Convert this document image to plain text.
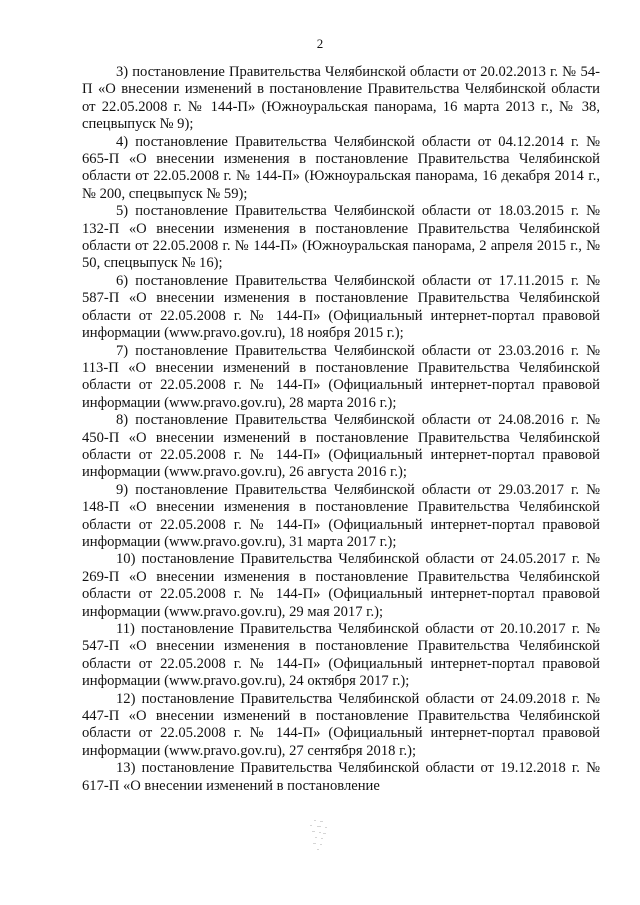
2

3) постановление Правительства Челябинской области от 20.02.2013 г. № 54-П «О внесении изменений в постановление Правительства Челябинской области от 22.05.2008 г. № 144-П» (Южноуральская панорама, 16 марта 2013 г., № 38, спецвыпуск № 9);

4) постановление Правительства Челябинской области от 04.12.2014 г. № 665-П «О внесении изменения в постановление Правительства Челябинской области от 22.05.2008 г. № 144-П» (Южноуральская панорама, 16 декабря 2014 г., № 200, спецвыпуск № 59);

5) постановление Правительства Челябинской области от 18.03.2015 г. № 132-П «О внесении изменения в постановление Правительства Челябинской области от 22.05.2008 г. № 144-П» (Южноуральская панорама, 2 апреля 2015 г., № 50, спецвыпуск № 16);

6) постановление Правительства Челябинской области от 17.11.2015 г. № 587-П «О внесении изменения в постановление Правительства Челябинской области от 22.05.2008 г. № 144-П» (Официальный интернет-портал правовой информации (www.pravo.gov.ru), 18 ноября 2015 г.);

7) постановление Правительства Челябинской области от 23.03.2016 г. № 113-П «О внесении изменений в постановление Правительства Челябинской области от 22.05.2008 г. № 144-П» (Официальный интернет-портал правовой информации (www.pravo.gov.ru), 28 марта 2016 г.);

8) постановление Правительства Челябинской области от 24.08.2016 г. № 450-П «О внесении изменений в постановление Правительства Челябинской области от 22.05.2008 г. № 144-П» (Официальный интернет-портал правовой информации (www.pravo.gov.ru), 26 августа 2016 г.);

9) постановление Правительства Челябинской области от 29.03.2017 г. № 148-П «О внесении изменения в постановление Правительства Челябинской области от 22.05.2008 г. № 144-П» (Официальный интернет-портал правовой информации (www.pravo.gov.ru), 31 марта 2017 г.);

10) постановление Правительства Челябинской области от 24.05.2017 г. № 269-П «О внесении изменения в постановление Правительства Челябинской области от 22.05.2008 г. № 144-П» (Официальный интернет-портал правовой информации (www.pravo.gov.ru), 29 мая 2017 г.);

11) постановление Правительства Челябинской области от 20.10.2017 г. № 547-П «О внесении изменения в постановление Правительства Челябинской области от 22.05.2008 г. № 144-П» (Официальный интернет-портал правовой информации (www.pravo.gov.ru), 24 октября 2017 г.);

12) постановление Правительства Челябинской области от 24.09.2018 г. № 447-П «О внесении изменений в постановление Правительства Челябинской области от 22.05.2008 г. № 144-П» (Официальный интернет-портал правовой информации (www.pravo.gov.ru), 27 сентября 2018 г.);

13) постановление Правительства Челябинской области от 19.12.2018 г. № 617-П «О внесении изменений в постановление
